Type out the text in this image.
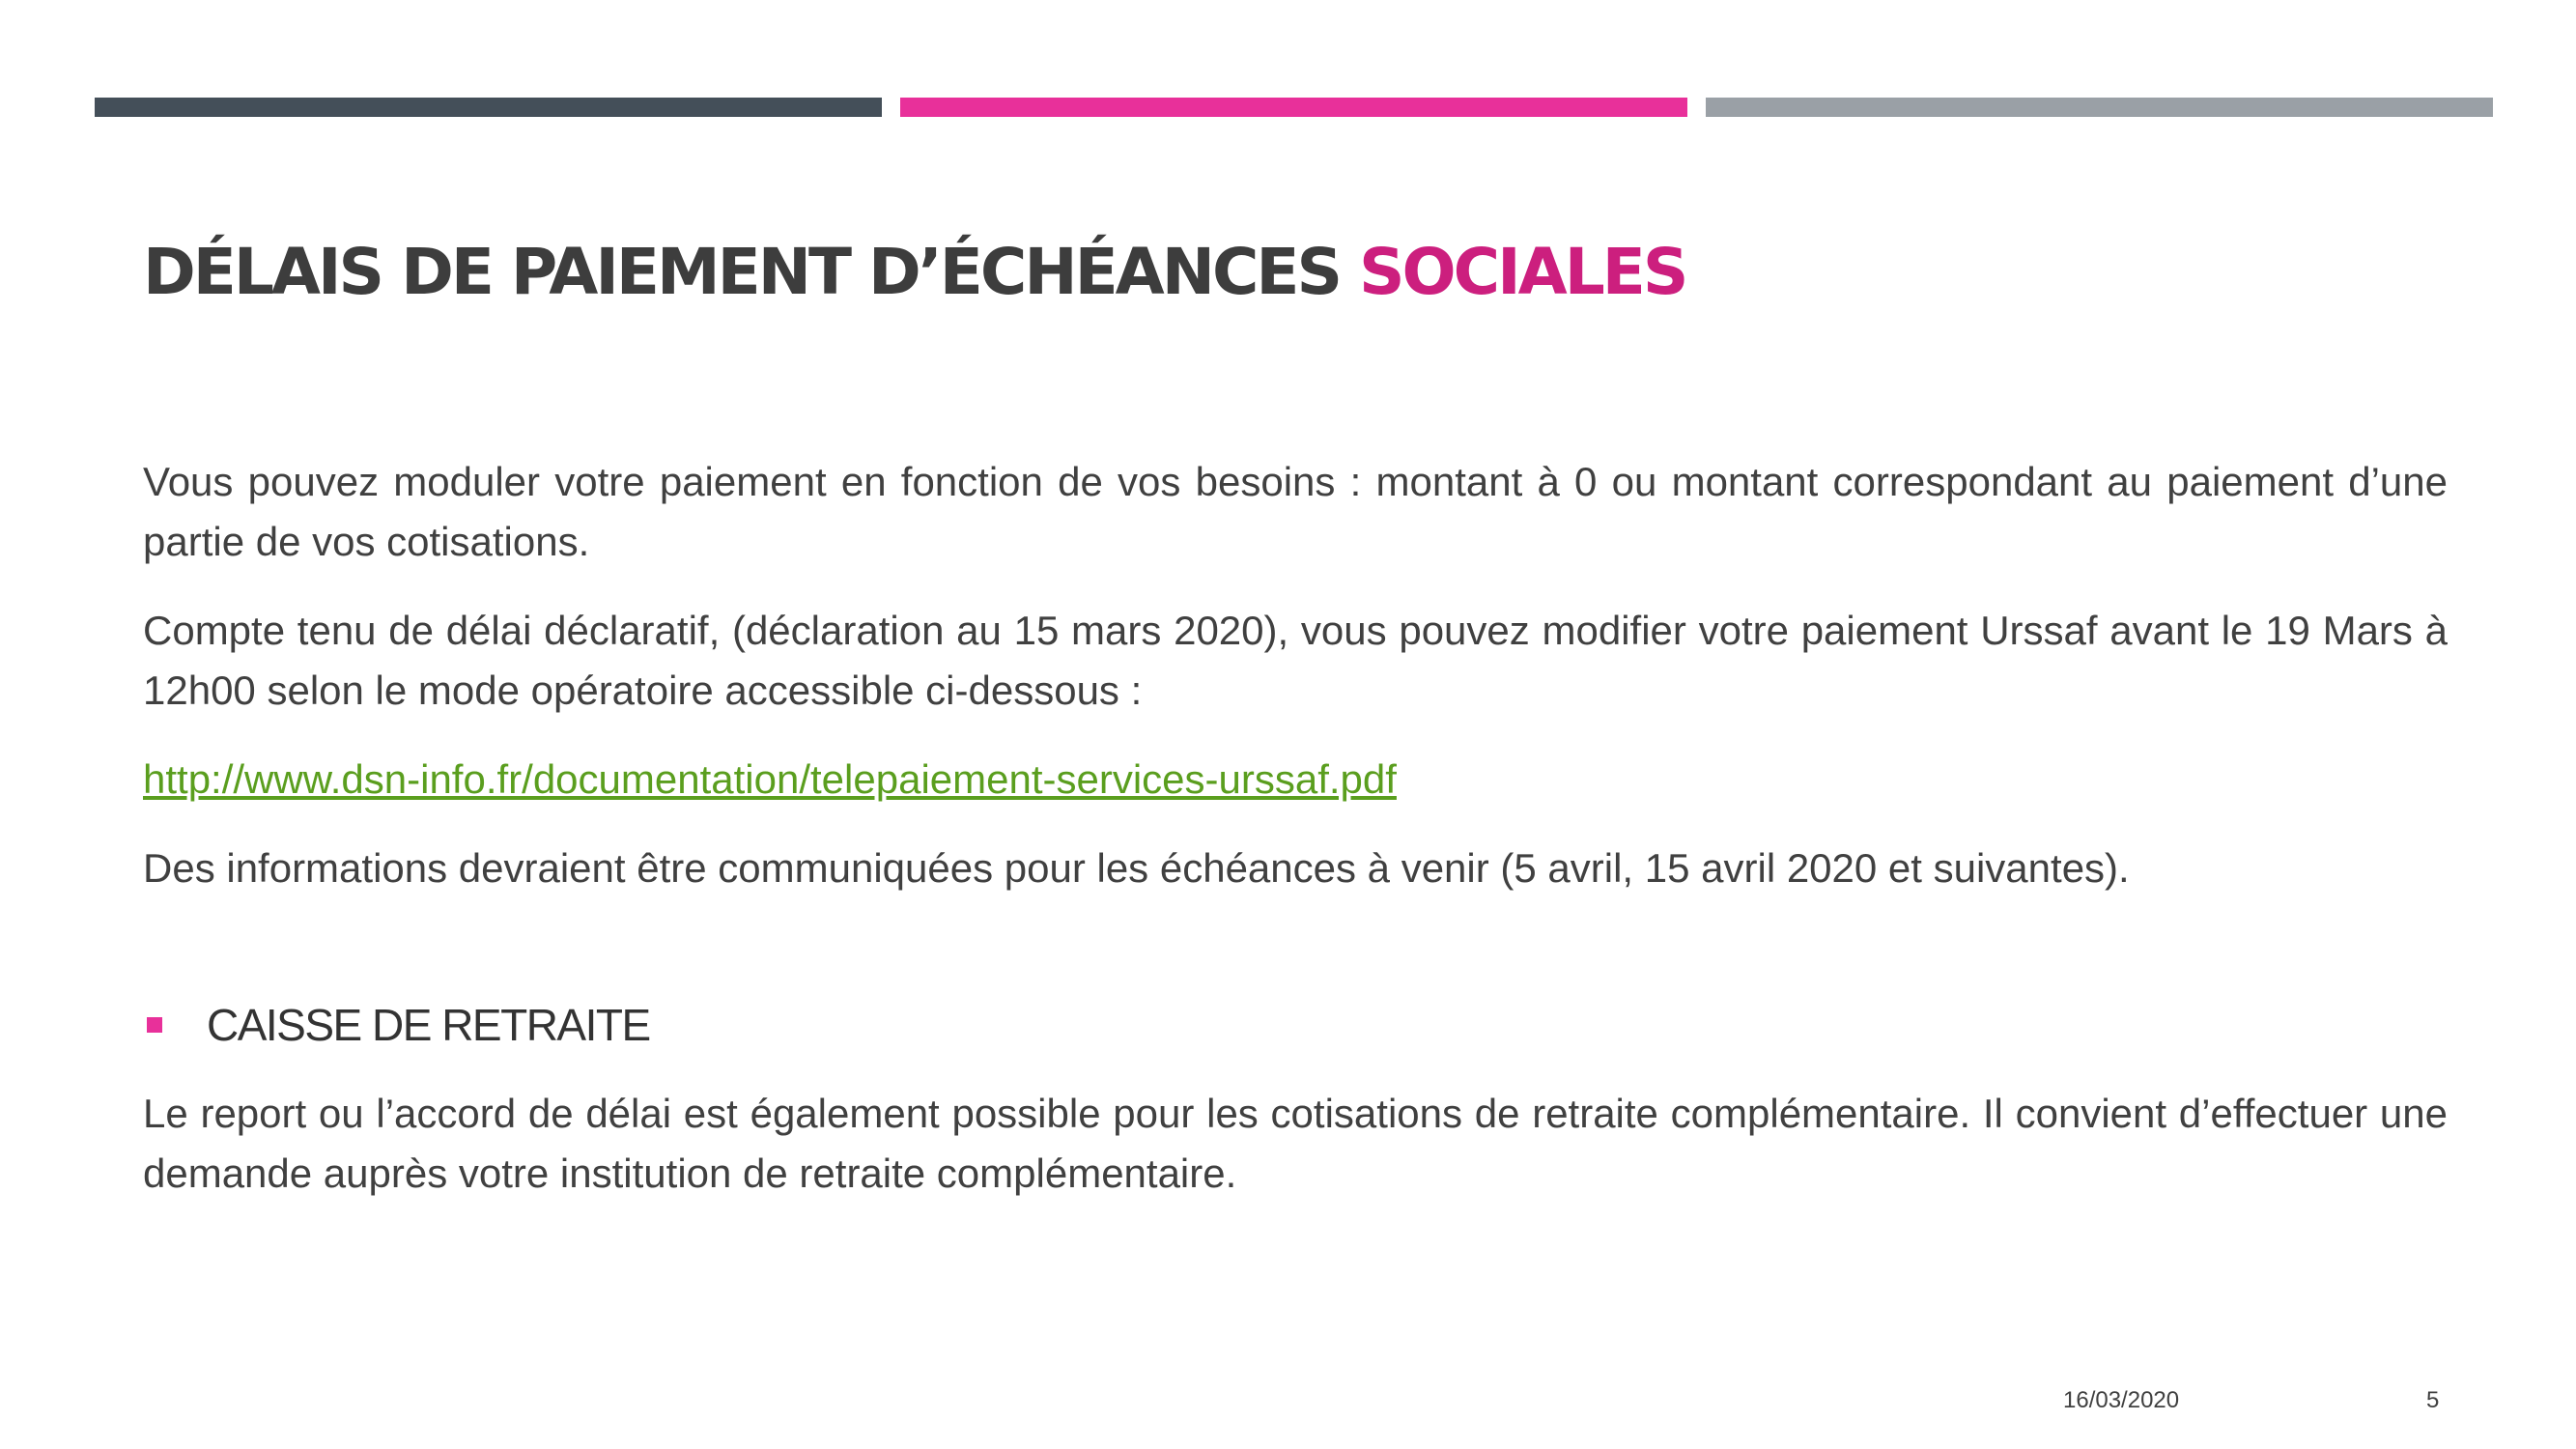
DÉLAIS DE PAIEMENT D’ÉCHÉANCES SOCIALES

Vous pouvez moduler votre paiement en fonction de vos besoins : montant à 0 ou montant correspondant au paiement d’une partie de vos cotisations.

Compte tenu de délai déclaratif, (déclaration au 15 mars 2020), vous pouvez modifier votre paiement Urssaf avant le 19 Mars à 12h00 selon le mode opératoire accessible ci-dessous :

http://www.dsn-info.fr/documentation/telepaiement-services-urssaf.pdf

Des informations devraient être communiquées pour les échéances à venir (5 avril, 15 avril 2020 et suivantes).

CAISSE DE RETRAITE

Le report ou l’accord de délai est également possible pour les cotisations de retraite complémentaire. Il convient d’effectuer une demande auprès votre institution de retraite complémentaire.

16/03/2020	5
